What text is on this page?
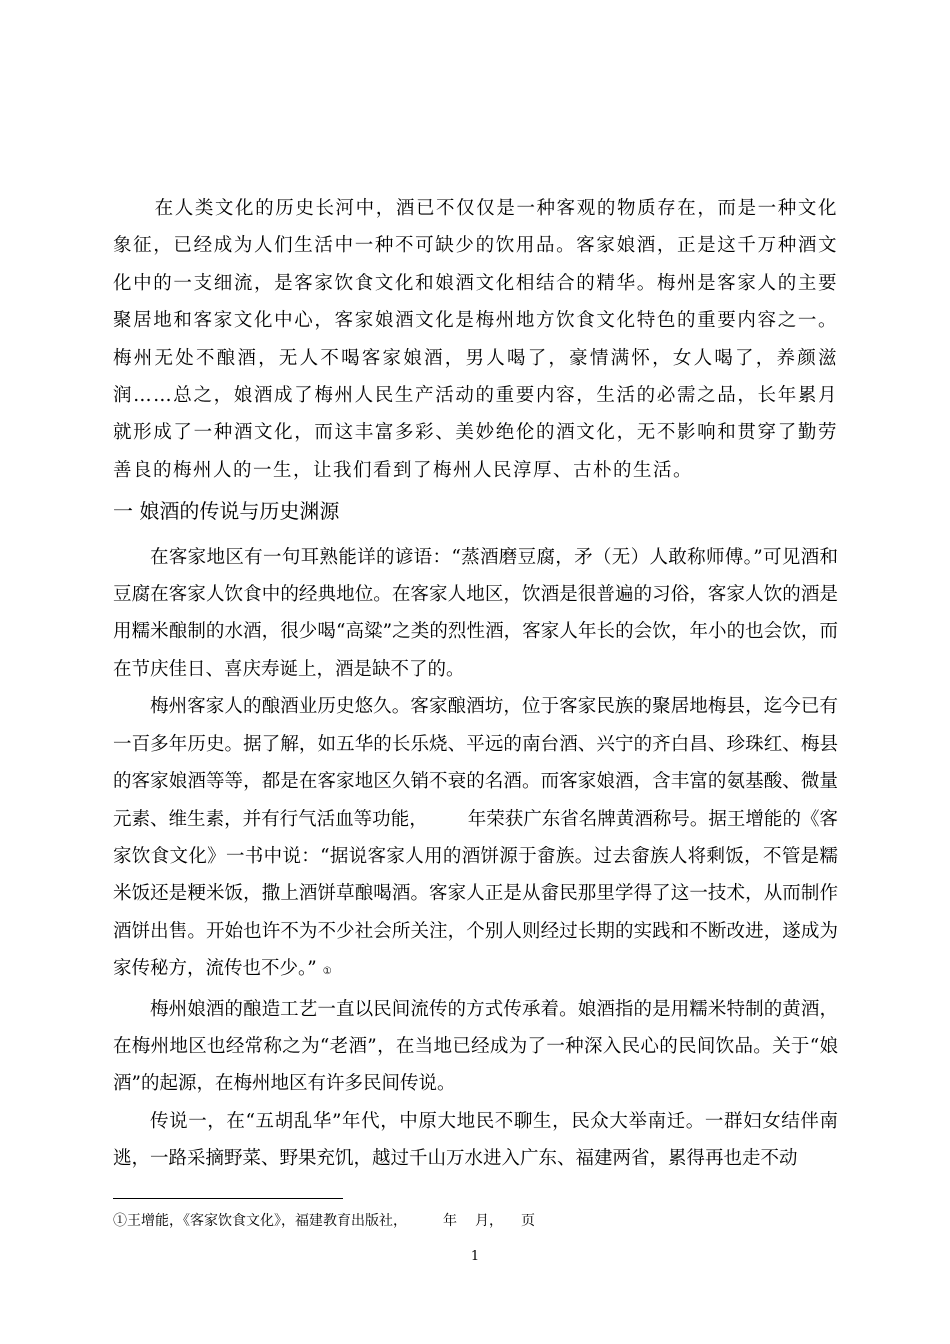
在人类文化的历史长河中，酒已不仅仅是一种客观的物质存在，而是一种文化象征，已经成为人们生活中一种不可缺少的饮用品。客家娘酒，正是这千万种酒文化中的一支细流，是客家饮食文化和娘酒文化相结合的精华。梅州是客家人的主要聚居地和客家文化中心，客家娘酒文化是梅州地方饮食文化特色的重要内容之一。梅州无处不酿酒，无人不喝客家娘酒，男人喝了，豪情满怀，女人喝了，养颜滋润……总之，娘酒成了梅州人民生产活动的重要内容，生活的必需之品，长年累月就形成了一种酒文化，而这丰富多彩、美妙绝伦的酒文化，无不影响和贯穿了勤劳善良的梅州人的一生，让我们看到了梅州人民淳厚、古朴的生活。

一 娘酒的传说与历史渊源

在客家地区有一句耳熟能详的谚语：“蒸酒磨豆腐，矛（无）人敢称师傅。”可见酒和豆腐在客家人饮食中的经典地位。在客家人地区，饮酒是很普遍的习俗，客家人饮的酒是用糯米酿制的水酒，很少喝“高粱”之类的烈性酒，客家人年长的会饮，年小的也会饮，而在节庆佳日、喜庆寿诞上，酒是缺不了的。

梅州客家人的酿酒业历史悠久。客家酿酒坊，位于客家民族的聚居地梅县，迄今已有一百多年历史。据了解，如五华的长乐烧、平远的南台酒、兴宁的齐白昌、珍珠红、梅县的客家娘酒等等，都是在客家地区久销不衰的名酒。而客家娘酒，含丰富的氨基酸、微量元素、维生素，并有行气活血等功能， 年荣获广东省名牌黄酒称号。据王增能的《客家饮食文化》一书中说：“据说客家人用的酒饼源于畲族。过去畲族人将剩饭，不管是糯米饭还是粳米饭，撒上酒饼草酿喝酒。客家人正是从畲民那里学得了这一技术，从而制作酒饼出售。开始也许不为不少社会所关注，个别人则经过长期的实践和不断改进，遂成为家传秘方，流传也不少。” ①

梅州娘酒的酿造工艺一直以民间流传的方式传承着。娘酒指的是用糯米特制的黄酒，在梅州地区也经常称之为“老酒”，在当地已经成为了一种深入民心的民间饮品。关于“娘酒”的起源，在梅州地区有许多民间传说。

传说一，在“五胡乱华”年代，中原大地民不聊生，民众大举南迁。一群妇女结伴南逃，一路采摘野菜、野果充饥，越过千山万水进入广东、福建两省，累得再也走不动

①王增能，《客家饮食文化》，福建教育出版社，	年 月， 页
1
